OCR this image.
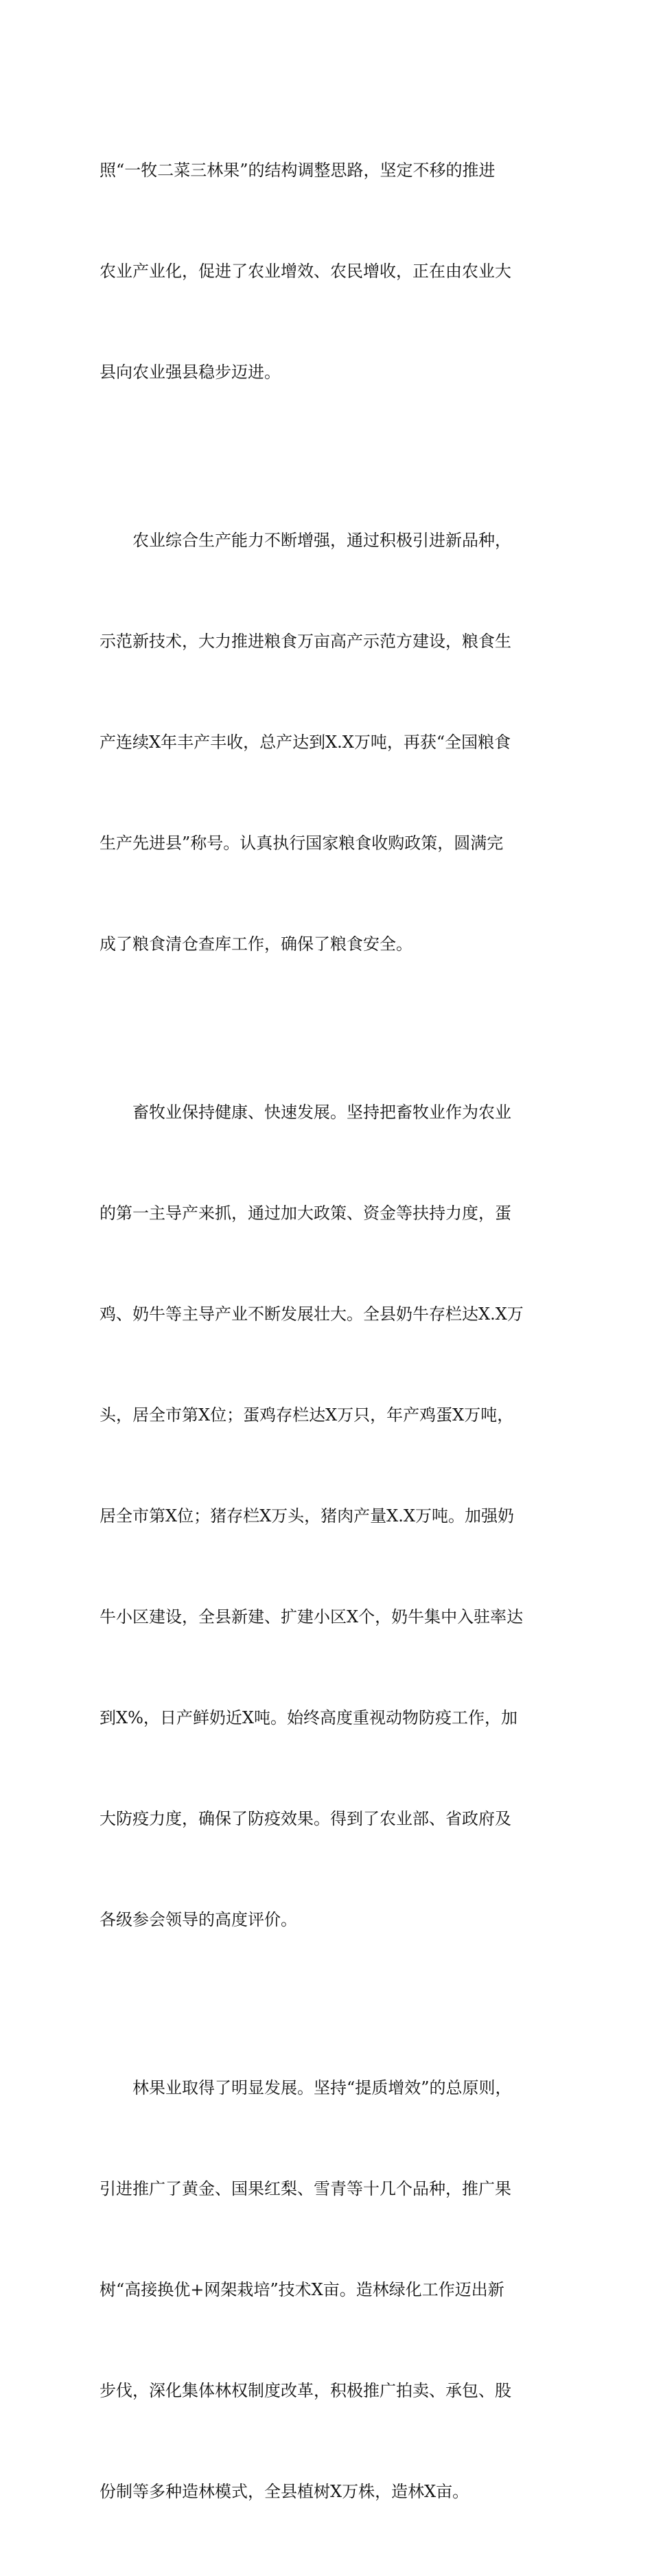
照“一牧二菜三林果”的结构调整思路，坚定不移的推进

农业产业化，促进了农业增效、农民增收，正在由农业大

县向农业强县稳步迈进。

农业综合生产能力不断增强，通过积极引进新品种，

示范新技术，大力推进粮食万亩高产示范方建设，粮食生

产连续X年丰产丰收，总产达到X.X万吨，再获“全国粮食

生产先进县”称号。认真执行国家粮食收购政策，圆满完

成了粮食清仓查库工作，确保了粮食安全。

畜牧业保持健康、快速发展。坚持把畜牧业作为农业

的第一主导产来抓，通过加大政策、资金等扶持力度，蛋

鸡、奶牛等主导产业不断发展壮大。全县奶牛存栏达X.X万

头，居全市第X位；蛋鸡存栏达X万只，年产鸡蛋X万吨，

居全市第X位；猪存栏X万头，猪肉产量X.X万吨。加强奶

牛小区建设，全县新建、扩建小区X个，奶牛集中入驻率达

到X%，日产鲜奶近X吨。始终高度重视动物防疫工作，加

大防疫力度，确保了防疫效果。得到了农业部、省政府及

各级参会领导的高度评价。

林果业取得了明显发展。坚持“提质增效”的总原则，

引进推广了黄金、国果红梨、雪青等十几个品种，推广果

树“高接换优+网架栽培”技术X亩。造林绿化工作迈出新

步伐，深化集体林权制度改革，积极推广拍卖、承包、股

份制等多种造林模式，全县植树X万株，造林X亩。
